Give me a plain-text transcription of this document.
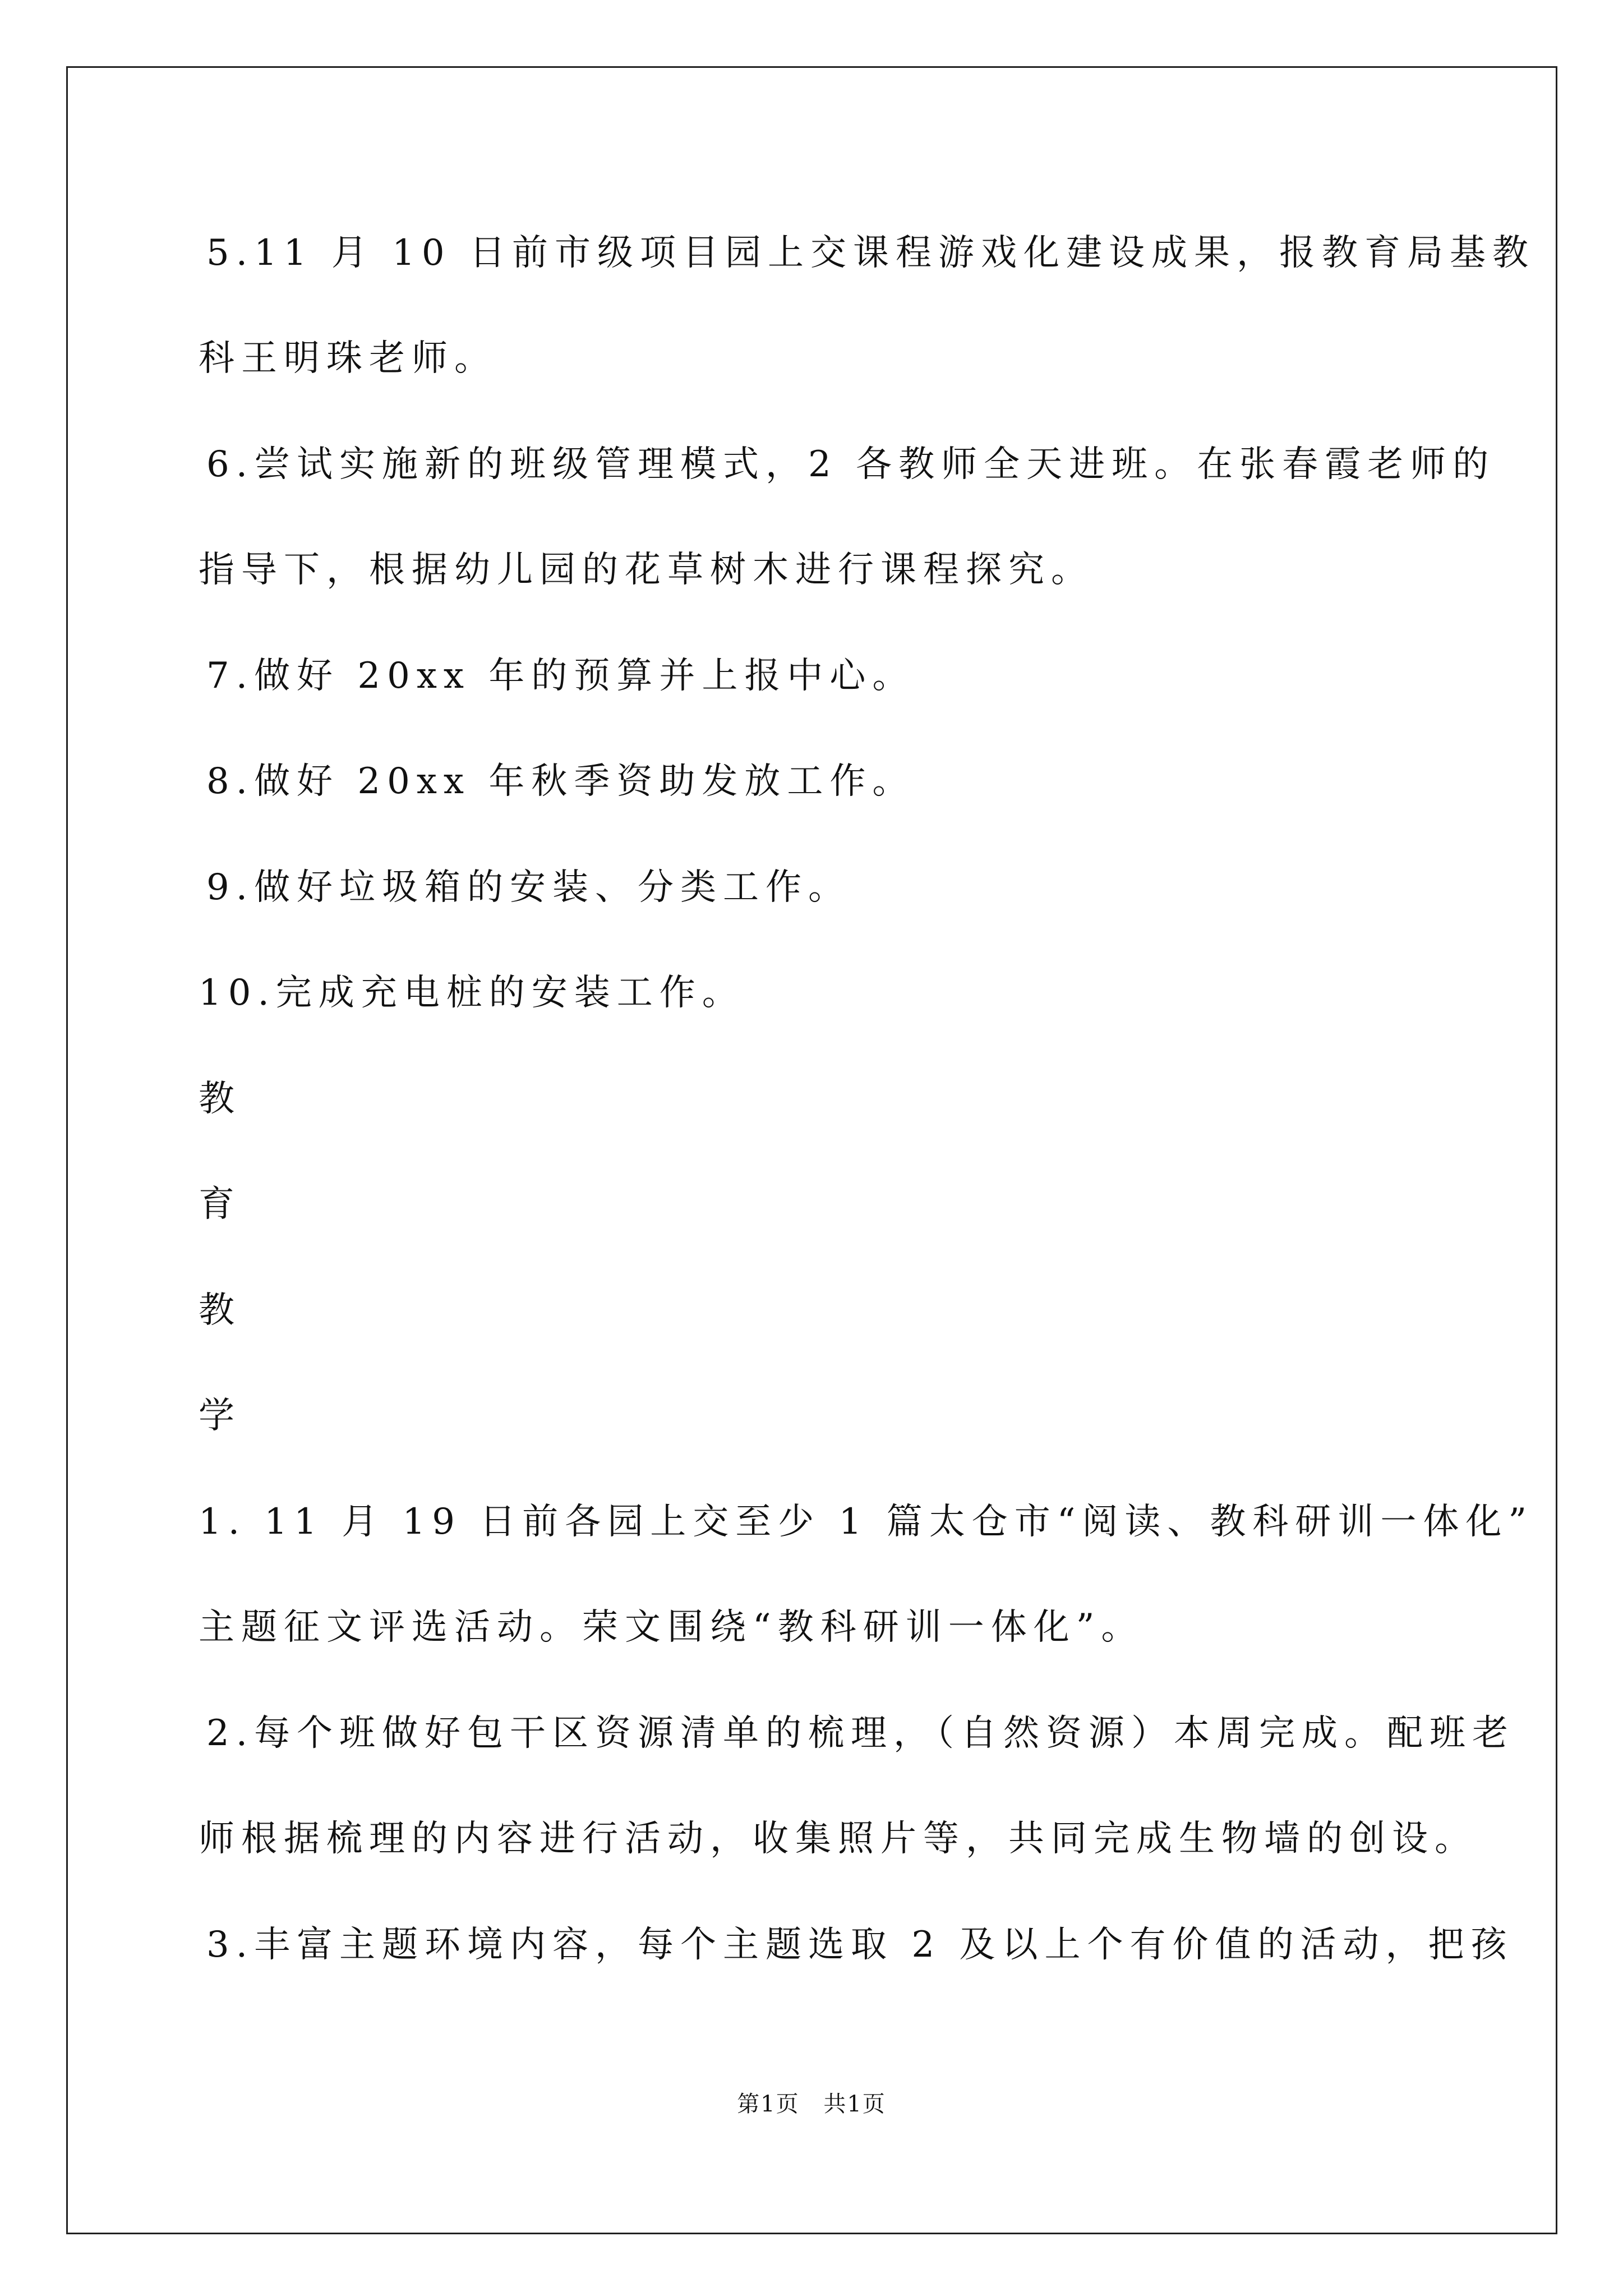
5.11 月 10 日前市级项目园上交课程游戏化建设成果，报教育局基教

科王明珠老师。

6.尝试实施新的班级管理模式，2 各教师全天进班。在张春霞老师的

指导下，根据幼儿园的花草树木进行课程探究。

7.做好 20xx 年的预算并上报中心。

8.做好 20xx 年秋季资助发放工作。

9.做好垃圾箱的安装、分类工作。

10.完成充电桩的安装工作。

教

育

教

学

1. 11 月 19 日前各园上交至少 1 篇太仓市“阅读、教科研训一体化”

主题征文评选活动。荣文围绕“教科研训一体化”。

2.每个班做好包干区资源清单的梳理，（自然资源）本周完成。配班老

师根据梳理的内容进行活动，收集照片等，共同完成生物墙的创设。

3.丰富主题环境内容，每个主题选取 2 及以上个有价值的活动，把孩

第1页 共1页
